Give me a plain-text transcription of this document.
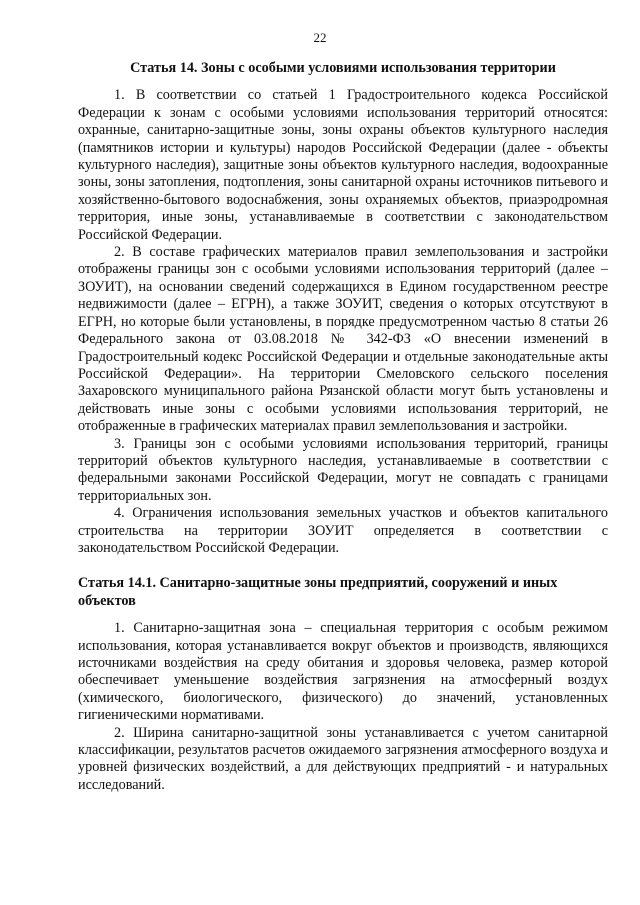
22
Статья 14. Зоны с особыми условиями использования территории

1. В соответствии со статьей 1 Градостроительного кодекса Российской Федерации к зонам с особыми условиями использования территорий относятся: охранные, санитарно-защитные зоны, зоны охраны объектов культурного наследия (памятников истории и культуры) народов Российской Федерации (далее - объекты культурного наследия), защитные зоны объектов культурного наследия, водоохранные зоны, зоны затопления, подтопления, зоны санитарной охраны источников питьевого и хозяйственно-бытового водоснабжения, зоны охраняемых объектов, приаэродромная территория, иные зоны, устанавливаемые в соответствии с законодательством Российской Федерации.

2. В составе графических материалов правил землепользования и застройки отображены границы зон с особыми условиями использования территорий (далее – ЗОУИТ), на основании сведений содержащихся в Едином государственном реестре недвижимости (далее – ЕГРН), а также ЗОУИТ, сведения о которых отсутствуют в ЕГРН, но которые были установлены, в порядке предусмотренном частью 8 статьи 26 Федерального закона от 03.08.2018 № 342-ФЗ «О внесении изменений в Градостроительный кодекс Российской Федерации и отдельные законодательные акты Российской Федерации». На территории Смеловского сельского поселения Захаровского муниципального района Рязанской области могут быть установлены и действовать иные зоны с особыми условиями использования территорий, не отображенные в графических материалах правил землепользования и застройки.

3. Границы зон с особыми условиями использования территорий, границы территорий объектов культурного наследия, устанавливаемые в соответствии с федеральными законами Российской Федерации, могут не совпадать с границами территориальных зон.

4. Ограничения использования земельных участков и объектов капитального строительства на территории ЗОУИТ определяется в соответствии с законодательством Российской Федерации.

Статья 14.1. Санитарно-защитные зоны предприятий, сооружений и иных объектов

1. Санитарно-защитная зона – специальная территория с особым режимом использования, которая устанавливается вокруг объектов и производств, являющихся источниками воздействия на среду обитания и здоровья человека, размер которой обеспечивает уменьшение воздействия загрязнения на атмосферный воздух (химического, биологического, физического) до значений, установленных гигиеническими нормативами.

2. Ширина санитарно-защитной зоны устанавливается с учетом санитарной классификации, результатов расчетов ожидаемого загрязнения атмосферного воздуха и уровней физических воздействий, а для действующих предприятий - и натуральных исследований.
